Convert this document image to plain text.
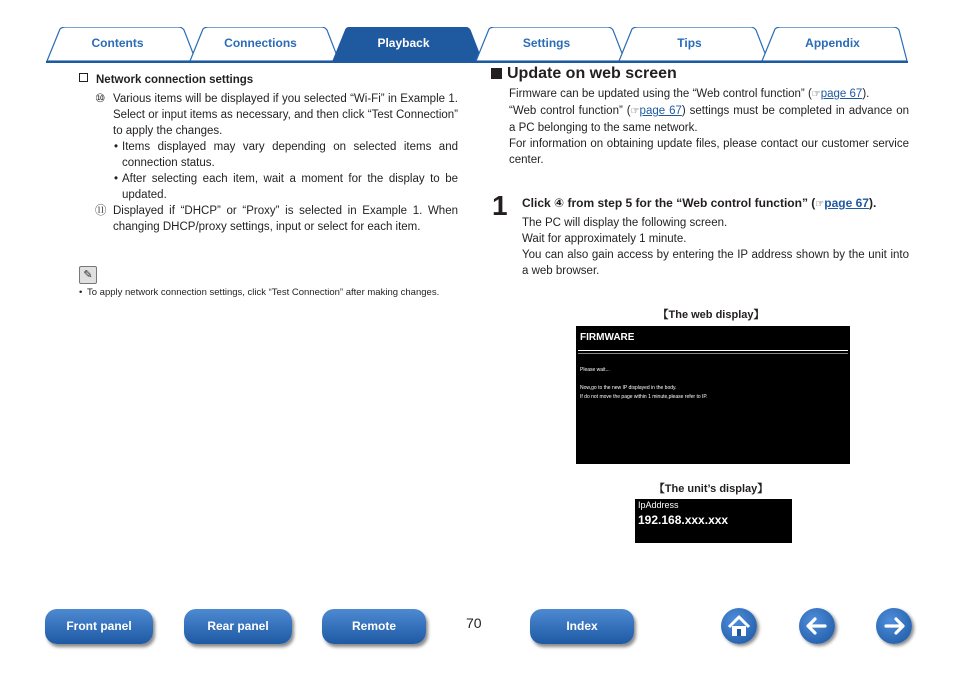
Contents	Connections	Playback	Settings	Tips	Appendix
Network connection settings
⑩ Various items will be displayed if you selected “Wi-Fi” in Example 1. Select or input items as necessary, and then click “Test Connection” to apply the changes.
• Items displayed may vary depending on selected items and connection status.
• After selecting each item, wait a moment for the display to be updated.
⑪ Displayed if “DHCP” or “Proxy” is selected in Example 1. When changing DHCP/proxy settings, input or select for each item.
✎
• To apply network connection settings, click “Test Connection” after making changes.
Update on web screen
Firmware can be updated using the “Web control function” (☞page 67).
“Web control function” (☞page 67) settings must be completed in advance on a PC belonging to the same network.
For information on obtaining update files, please contact our customer service center.
1 Click ④ from step 5 for the “Web control function” (☞page 67).
The PC will display the following screen.
Wait for approximately 1 minute.
You can also gain access by entering the IP address shown by the unit into a web browser.
【The web display】
FIRMWARE
Please wait...
Now,go to the new IP displayed in the body.
If do not move the page within 1 minute,please refer to IP.
【The unit’s display】
IpAddress
192.168.xxx.xxx
Front panel	Rear panel	Remote	70	Index
